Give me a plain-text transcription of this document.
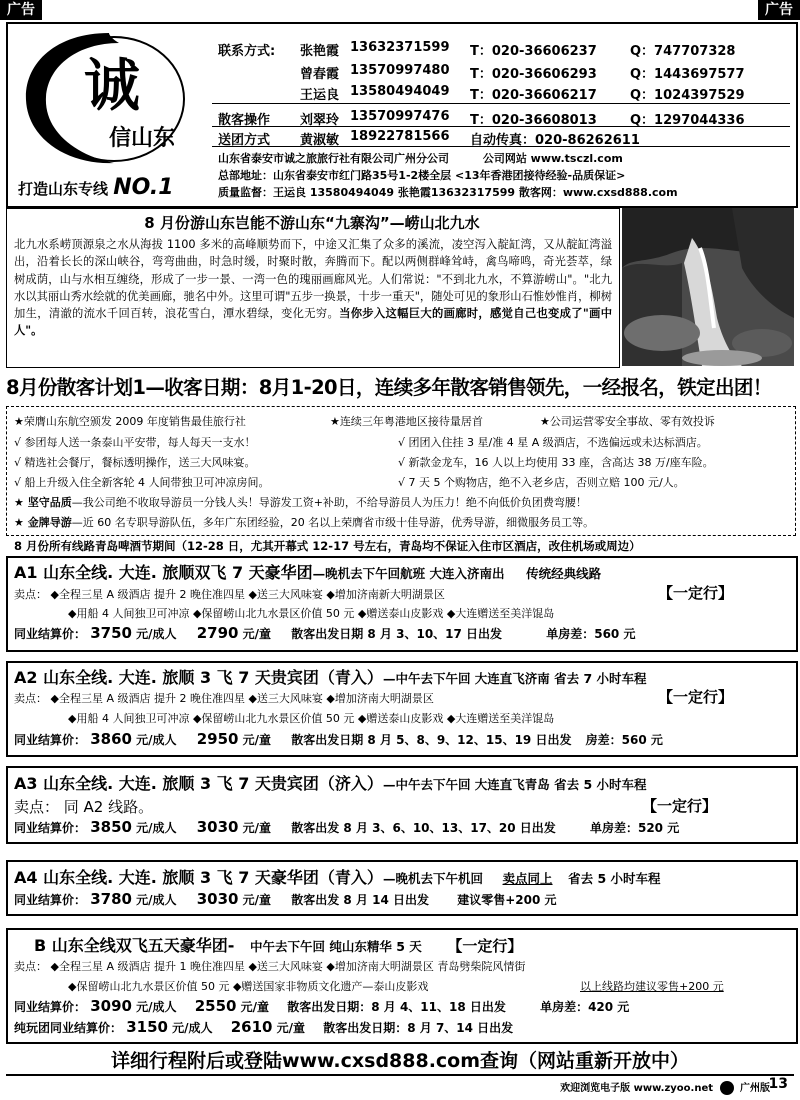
广告	广告
诚
信山东
打造山东专线 NO.1
联系方式: 张艳霞 13632371599 T：020-36606237	Q：747707328
曾春霞 13570997480 T：020-36606293	Q：1443697577
王运良 13580494049 T：020-36606217	Q：1024397529
散客操作 刘翠玲 13570997476 T：020-36608013	Q：1297044336
送团方式 黄淑敏 18922781566 自动传真：020-86262611
山东省泰安市诚之旅旅行社有限公司广州分公司	公司网站 www.tsczl.com
总部地址：山东省泰安市红门路35号1-2楼全层 <13年香港团接待经验-品质保证>
质量监督：王运良 13580494049 张艳霞13632317599 散客网：www.cxsd888.com
8 月份游山东岂能不游山东“九寨沟”—崂山北九水
北九水系崂顶源泉之水从海拔 1100 多米的高峰顺势而下，中途又汇集了众多的溪流，凌空泻入靛缸湾，又从靛缸湾溢出，沿着长长的深山峡谷，弯弯曲曲，时急时缓，时聚时散，奔腾而下。配以两侧群峰耸峙，禽鸟啼鸣，奇光荟萃，绿树成荫，山与水相互缠绕，形成了一步一景、一湾一色的瑰丽画廊风光。人们常说："不到北九水，不算游崂山"。"北九水以其丽山秀水绘就的优美画廊，驰名中外。这里可谓"五步一换景，十步一重天"，随处可见的象形山石惟妙惟肖，柳树加生，清澈的流水千回百转，浪花雪白，潭水碧绿，变化无穷。当你步入这幅巨大的画廊时，感觉自己也变成了"画中人"。
8月份散客计划1—收客日期：8月1-20日，连续多年散客销售领先，一经报名，铁定出团！
★荣膺山东航空颁发 2009 年度销售最佳旅行社	★连续三年粤港地区接待量居首	★公司运营零安全事故、零有效投诉
√ 参团每人送一条泰山平安带，每人每天一支水！
√ 精选社会餐厅，餐标透明操作，送三大风味宴。
√ 船上升级入住全新客轮 4 人间带独卫可冲凉房间。
√ 团团入住挂 3 星/准 4 星 A 级酒店，不选偏远或未达标酒店。
√ 新款金龙车，16 人以上均使用 33 座，含高达 38 万/座车险。
√ 7 天 5 个购物店，绝不入老乡店，否则立赔 100 元/人。
★ 坚守品质—我公司绝不收取导游员一分钱人头！导游发工资+补助，不给导游员人为压力！绝不向低价负团费弯腰！
★ 金牌导游—近 60 名专职导游队伍，多年广东团经验，20 名以上荣膺省市级十佳导游，优秀导游，细微服务员工等。
8 月份所有线路青岛啤酒节期间（12-28 日，尤其开幕式 12-17 号左右，青岛均不保证入住市区酒店，改住机场或周边）
A1 山东全线. 大连. 旅顺双飞 7 天豪华团—晚机去下午回航班 大连入济南出 传统经典线路
卖点： ◆全程三星 A 级酒店 提升 2 晚住准四星 ◆送三大风味宴 ◆增加济南新大明湖景区	【一定行】
◆用船 4 人间独卫可冲凉 ◆保留崂山北九水景区价值 50 元 ◆赠送泰山皮影戏 ◆大连赠送至美洋馄岛
同业结算价： 3750 元/成人 2790 元/童 散客出发日期 8 月 3、10、17 日出发	单房差：560 元
A2 山东全线. 大连. 旅顺 3 飞 7 天贵宾团（青入）—中午去下午回 大连直飞济南 省去 7 小时车程
卖点： ◆全程三星 A 级酒店 提升 2 晚住准四星 ◆送三大风味宴 ◆增加济南大明湖景区	【一定行】
◆用船 4 人间独卫可冲凉 ◆保留崂山北九水景区价值 50 元 ◆赠送泰山皮影戏 ◆大连赠送至美洋馄岛
同业结算价： 3860 元/成人 2950 元/童 散客出发日期 8 月 5、8、9、12、15、19 日出发 房差：560 元
A3 山东全线. 大连. 旅顺 3 飞 7 天贵宾团（济入）—中午去下午回 大连直飞青岛 省去 5 小时车程
卖点： 同 A2 线路。	【一定行】
同业结算价： 3850 元/成人 3030 元/童 散客出发 8 月 3、6、10、13、17、20 日出发	单房差：520 元
A4 山东全线. 大连. 旅顺 3 飞 7 天豪华团（青入）—晚机去下午机回 卖点同上 省去 5 小时车程
同业结算价： 3780 元/成人 3030 元/童 散客出发 8 月 14 日出发 建议零售+200 元
B 山东全线双飞五天豪华团- 中午去下午回 纯山东精华 5 天 【一定行】
卖点： ◆全程三星 A 级酒店 提升 1 晚住准四星 ◆送三大风味宴 ◆增加济南大明湖景区 青岛劈柴院风情街
◆保留崂山北九水景区价值 50 元 ◆赠送国家非物质文化遗产—泰山皮影戏	以上线路均建议零售+200 元
同业结算价： 3090 元/成人 2550 元/童 散客出发日期：8 月 4、11、18 日出发	单房差：420 元
纯玩团同业结算价： 3150 元/成人 2610 元/童 散客出发日期：8 月 7、14 日出发
详细行程附后或登陆www.cxsd888.com查询（网站重新开放中）
欢迎浏览电子版 www.zyoo.net	广州版
13
